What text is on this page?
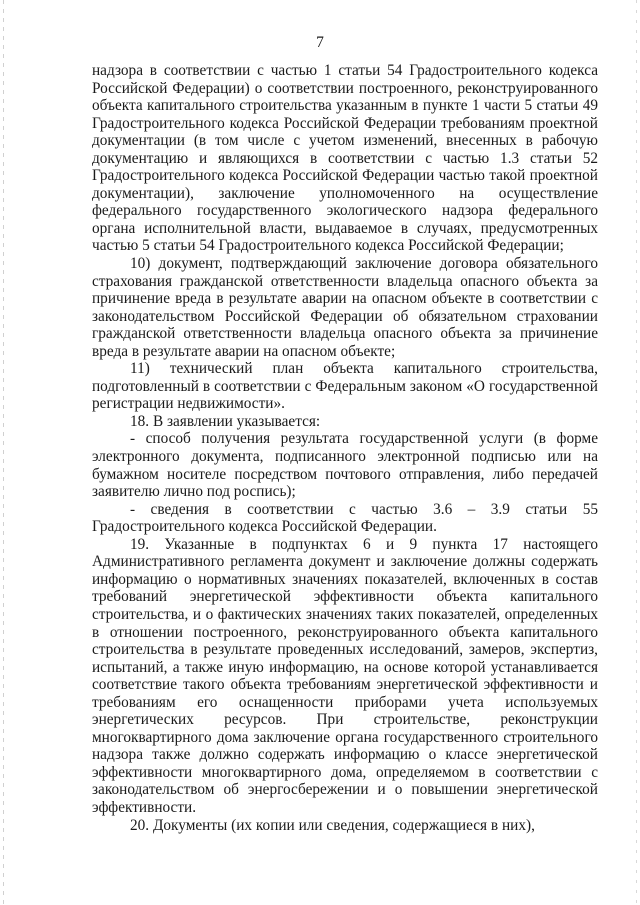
7

надзора в соответствии с частью 1 статьи 54 Градостроительного кодекса Российской Федерации) о соответствии построенного, реконструированного объекта капитального строительства указанным в пункте 1 части 5 статьи 49 Градостроительного кодекса Российской Федерации требованиям проектной документации (в том числе с учетом изменений, внесенных в рабочую документацию и являющихся в соответствии с частью 1.3 статьи 52 Градостроительного кодекса Российской Федерации частью такой проектной документации), заключение уполномоченного на осуществление федерального государственного экологического надзора федерального органа исполнительной власти, выдаваемое в случаях, предусмотренных частью 5 статьи 54 Градостроительного кодекса Российской Федерации;

10) документ, подтверждающий заключение договора обязательного страхования гражданской ответственности владельца опасного объекта за причинение вреда в результате аварии на опасном объекте в соответствии с законодательством Российской Федерации об обязательном страховании гражданской ответственности владельца опасного объекта за причинение вреда в результате аварии на опасном объекте;

11) технический план объекта капитального строительства, подготовленный в соответствии с Федеральным законом «О государственной регистрации недвижимости».

18. В заявлении указывается:

- способ получения результата государственной услуги (в форме электронного документа, подписанного электронной подписью или на бумажном носителе посредством почтового отправления, либо передачей заявителю лично под роспись);

- сведения в соответствии с частью 3.6 – 3.9 статьи 55 Градостроительного кодекса Российской Федерации.

19. Указанные в подпунктах 6 и 9 пункта 17 настоящего Административного регламента документ и заключение должны содержать информацию о нормативных значениях показателей, включенных в состав требований энергетической эффективности объекта капитального строительства, и о фактических значениях таких показателей, определенных в отношении построенного, реконструированного объекта капитального строительства в результате проведенных исследований, замеров, экспертиз, испытаний, а также иную информацию, на основе которой устанавливается соответствие такого объекта требованиям энергетической эффективности и требованиям его оснащенности приборами учета используемых энергетических ресурсов. При строительстве, реконструкции многоквартирного дома заключение органа государственного строительного надзора также должно содержать информацию о классе энергетической эффективности многоквартирного дома, определяемом в соответствии с законодательством об энергосбережении и о повышении энергетической эффективности.

20. Документы (их копии или сведения, содержащиеся в них),
